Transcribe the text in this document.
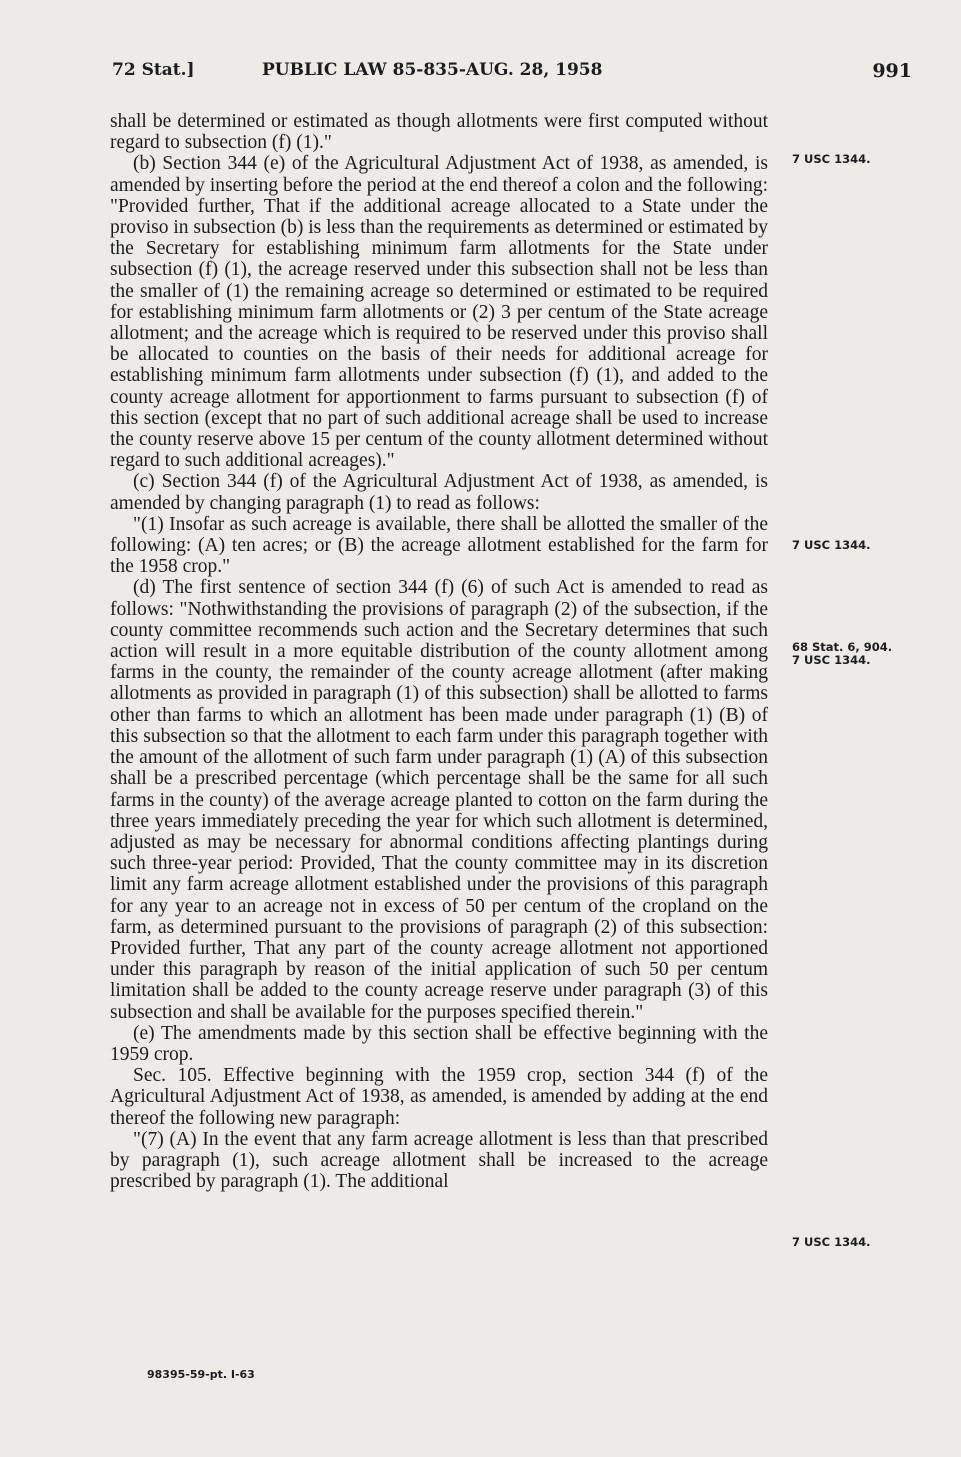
72 Stat.]	PUBLIC LAW 85-835-AUG. 28, 1958	991

shall be determined or estimated as though allotments were first computed without regard to subsection (f) (1)."

(b) Section 344 (e) of the Agricultural Adjustment Act of 1938, as amended, is amended by inserting before the period at the end thereof a colon and the following: "Provided further, That if the additional acreage allocated to a State under the proviso in subsection (b) is less than the requirements as determined or estimated by the Secretary for establishing minimum farm allotments for the State under subsection (f) (1), the acreage reserved under this subsection shall not be less than the smaller of (1) the remaining acreage so determined or estimated to be required for establishing minimum farm allotments or (2) 3 per centum of the State acreage allotment; and the acreage which is required to be reserved under this proviso shall be allocated to counties on the basis of their needs for additional acreage for establishing minimum farm allotments under subsection (f) (1), and added to the county acreage allotment for apportionment to farms pursuant to subsection (f) of this section (except that no part of such additional acreage shall be used to increase the county reserve above 15 per centum of the county allotment determined without regard to such additional acreages)."

(c) Section 344 (f) of the Agricultural Adjustment Act of 1938, as amended, is amended by changing paragraph (1) to read as follows:

"(1) Insofar as such acreage is available, there shall be allotted the smaller of the following: (A) ten acres; or (B) the acreage allotment established for the farm for the 1958 crop."

(d) The first sentence of section 344 (f) (6) of such Act is amended to read as follows: "Nothwithstanding the provisions of paragraph (2) of the subsection, if the county committee recommends such action and the Secretary determines that such action will result in a more equitable distribution of the county allotment among farms in the county, the remainder of the county acreage allotment (after making allotments as provided in paragraph (1) of this subsection) shall be allotted to farms other than farms to which an allotment has been made under paragraph (1) (B) of this subsection so that the allotment to each farm under this paragraph together with the amount of the allotment of such farm under paragraph (1) (A) of this subsection shall be a prescribed percentage (which percentage shall be the same for all such farms in the county) of the average acreage planted to cotton on the farm during the three years immediately preceding the year for which such allotment is determined, adjusted as may be necessary for abnormal conditions affecting plantings during such three-year period: Provided, That the county committee may in its discretion limit any farm acreage allotment established under the provisions of this paragraph for any year to an acreage not in excess of 50 per centum of the cropland on the farm, as determined pursuant to the provisions of paragraph (2) of this subsection: Provided further, That any part of the county acreage allotment not apportioned under this paragraph by reason of the initial application of such 50 per centum limitation shall be added to the county acreage reserve under paragraph (3) of this subsection and shall be available for the purposes specified therein."

(e) The amendments made by this section shall be effective beginning with the 1959 crop.

Sec. 105. Effective beginning with the 1959 crop, section 344 (f) of the Agricultural Adjustment Act of 1938, as amended, is amended by adding at the end thereof the following new paragraph:

"(7) (A) In the event that any farm acreage allotment is less than that prescribed by paragraph (1), such acreage allotment shall be increased to the acreage prescribed by paragraph (1). The additional

7 USC 1344.
7 USC 1344.
68 Stat. 6, 904.
7 USC 1344.
7 USC 1344.
98395-59-pt. I-63
